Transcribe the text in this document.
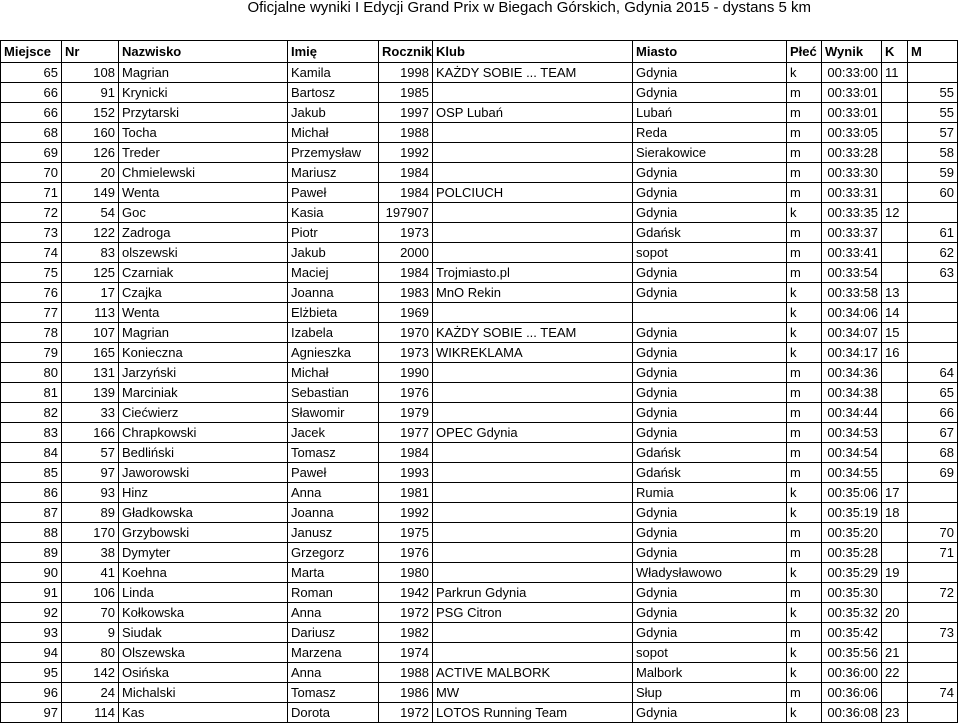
Oficjalne wyniki I Edycji Grand Prix w Biegach Górskich, Gdynia 2015 - dystans 5 km
Miejsce	Nr	Nazwisko	Imię	Rocznik	Klub	Miasto	Płeć	Wynik	K	M
65	108	Magrian	Kamila	1998	KAŻDY SOBIE ... TEAM	Gdynia	k	00:33:00	11	
66	91	Krynicki	Bartosz	1985		Gdynia	m	00:33:01		55
66	152	Przytarski	Jakub	1997	OSP Lubań	Lubań	m	00:33:01		55
68	160	Tocha	Michał	1988		Reda	m	00:33:05		57
69	126	Treder	Przemysław	1992		Sierakowice	m	00:33:28		58
70	20	Chmielewski	Mariusz	1984		Gdynia	m	00:33:30		59
71	149	Wenta	Paweł	1984	POLCIUCH	Gdynia	m	00:33:31		60
72	54	Goc	Kasia	197907		Gdynia	k	00:33:35	12	
73	122	Zadroga	Piotr	1973		Gdańsk	m	00:33:37		61
74	83	olszewski	Jakub	2000		sopot	m	00:33:41		62
75	125	Czarniak	Maciej	1984	Trojmiasto.pl	Gdynia	m	00:33:54		63
76	17	Czajka	Joanna	1983	MnO Rekin	Gdynia	k	00:33:58	13	
77	113	Wenta	Elżbieta	1969			k	00:34:06	14	
78	107	Magrian	Izabela	1970	KAŻDY SOBIE ... TEAM	Gdynia	k	00:34:07	15	
79	165	Konieczna	Agnieszka	1973	WIKREKLAMA	Gdynia	k	00:34:17	16	
80	131	Jarzyński	Michał	1990		Gdynia	m	00:34:36		64
81	139	Marciniak	Sebastian	1976		Gdynia	m	00:34:38		65
82	33	Ciećwierz	Sławomir	1979		Gdynia	m	00:34:44		66
83	166	Chrapkowski	Jacek	1977	OPEC Gdynia	Gdynia	m	00:34:53		67
84	57	Bedliński	Tomasz	1984		Gdańsk	m	00:34:54		68
85	97	Jaworowski	Paweł	1993		Gdańsk	m	00:34:55		69
86	93	Hinz	Anna	1981		Rumia	k	00:35:06	17	
87	89	Gładkowska	Joanna	1992		Gdynia	k	00:35:19	18	
88	170	Grzybowski	Janusz	1975		Gdynia	m	00:35:20		70
89	38	Dymyter	Grzegorz	1976		Gdynia	m	00:35:28		71
90	41	Koehna	Marta	1980		Władysławowo	k	00:35:29	19	
91	106	Linda	Roman	1942	Parkrun Gdynia	Gdynia	m	00:35:30		72
92	70	Kołkowska	Anna	1972	PSG Citron	Gdynia	k	00:35:32	20	
93	9	Siudak	Dariusz	1982		Gdynia	m	00:35:42		73
94	80	Olszewska	Marzena	1974		sopot	k	00:35:56	21	
95	142	Osińska	Anna	1988	ACTIVE MALBORK	Malbork	k	00:36:00	22	
96	24	Michalski	Tomasz	1986	MW	Słup	m	00:36:06		74
97	114	Kas	Dorota	1972	LOTOS Running Team	Gdynia	k	00:36:08	23	
